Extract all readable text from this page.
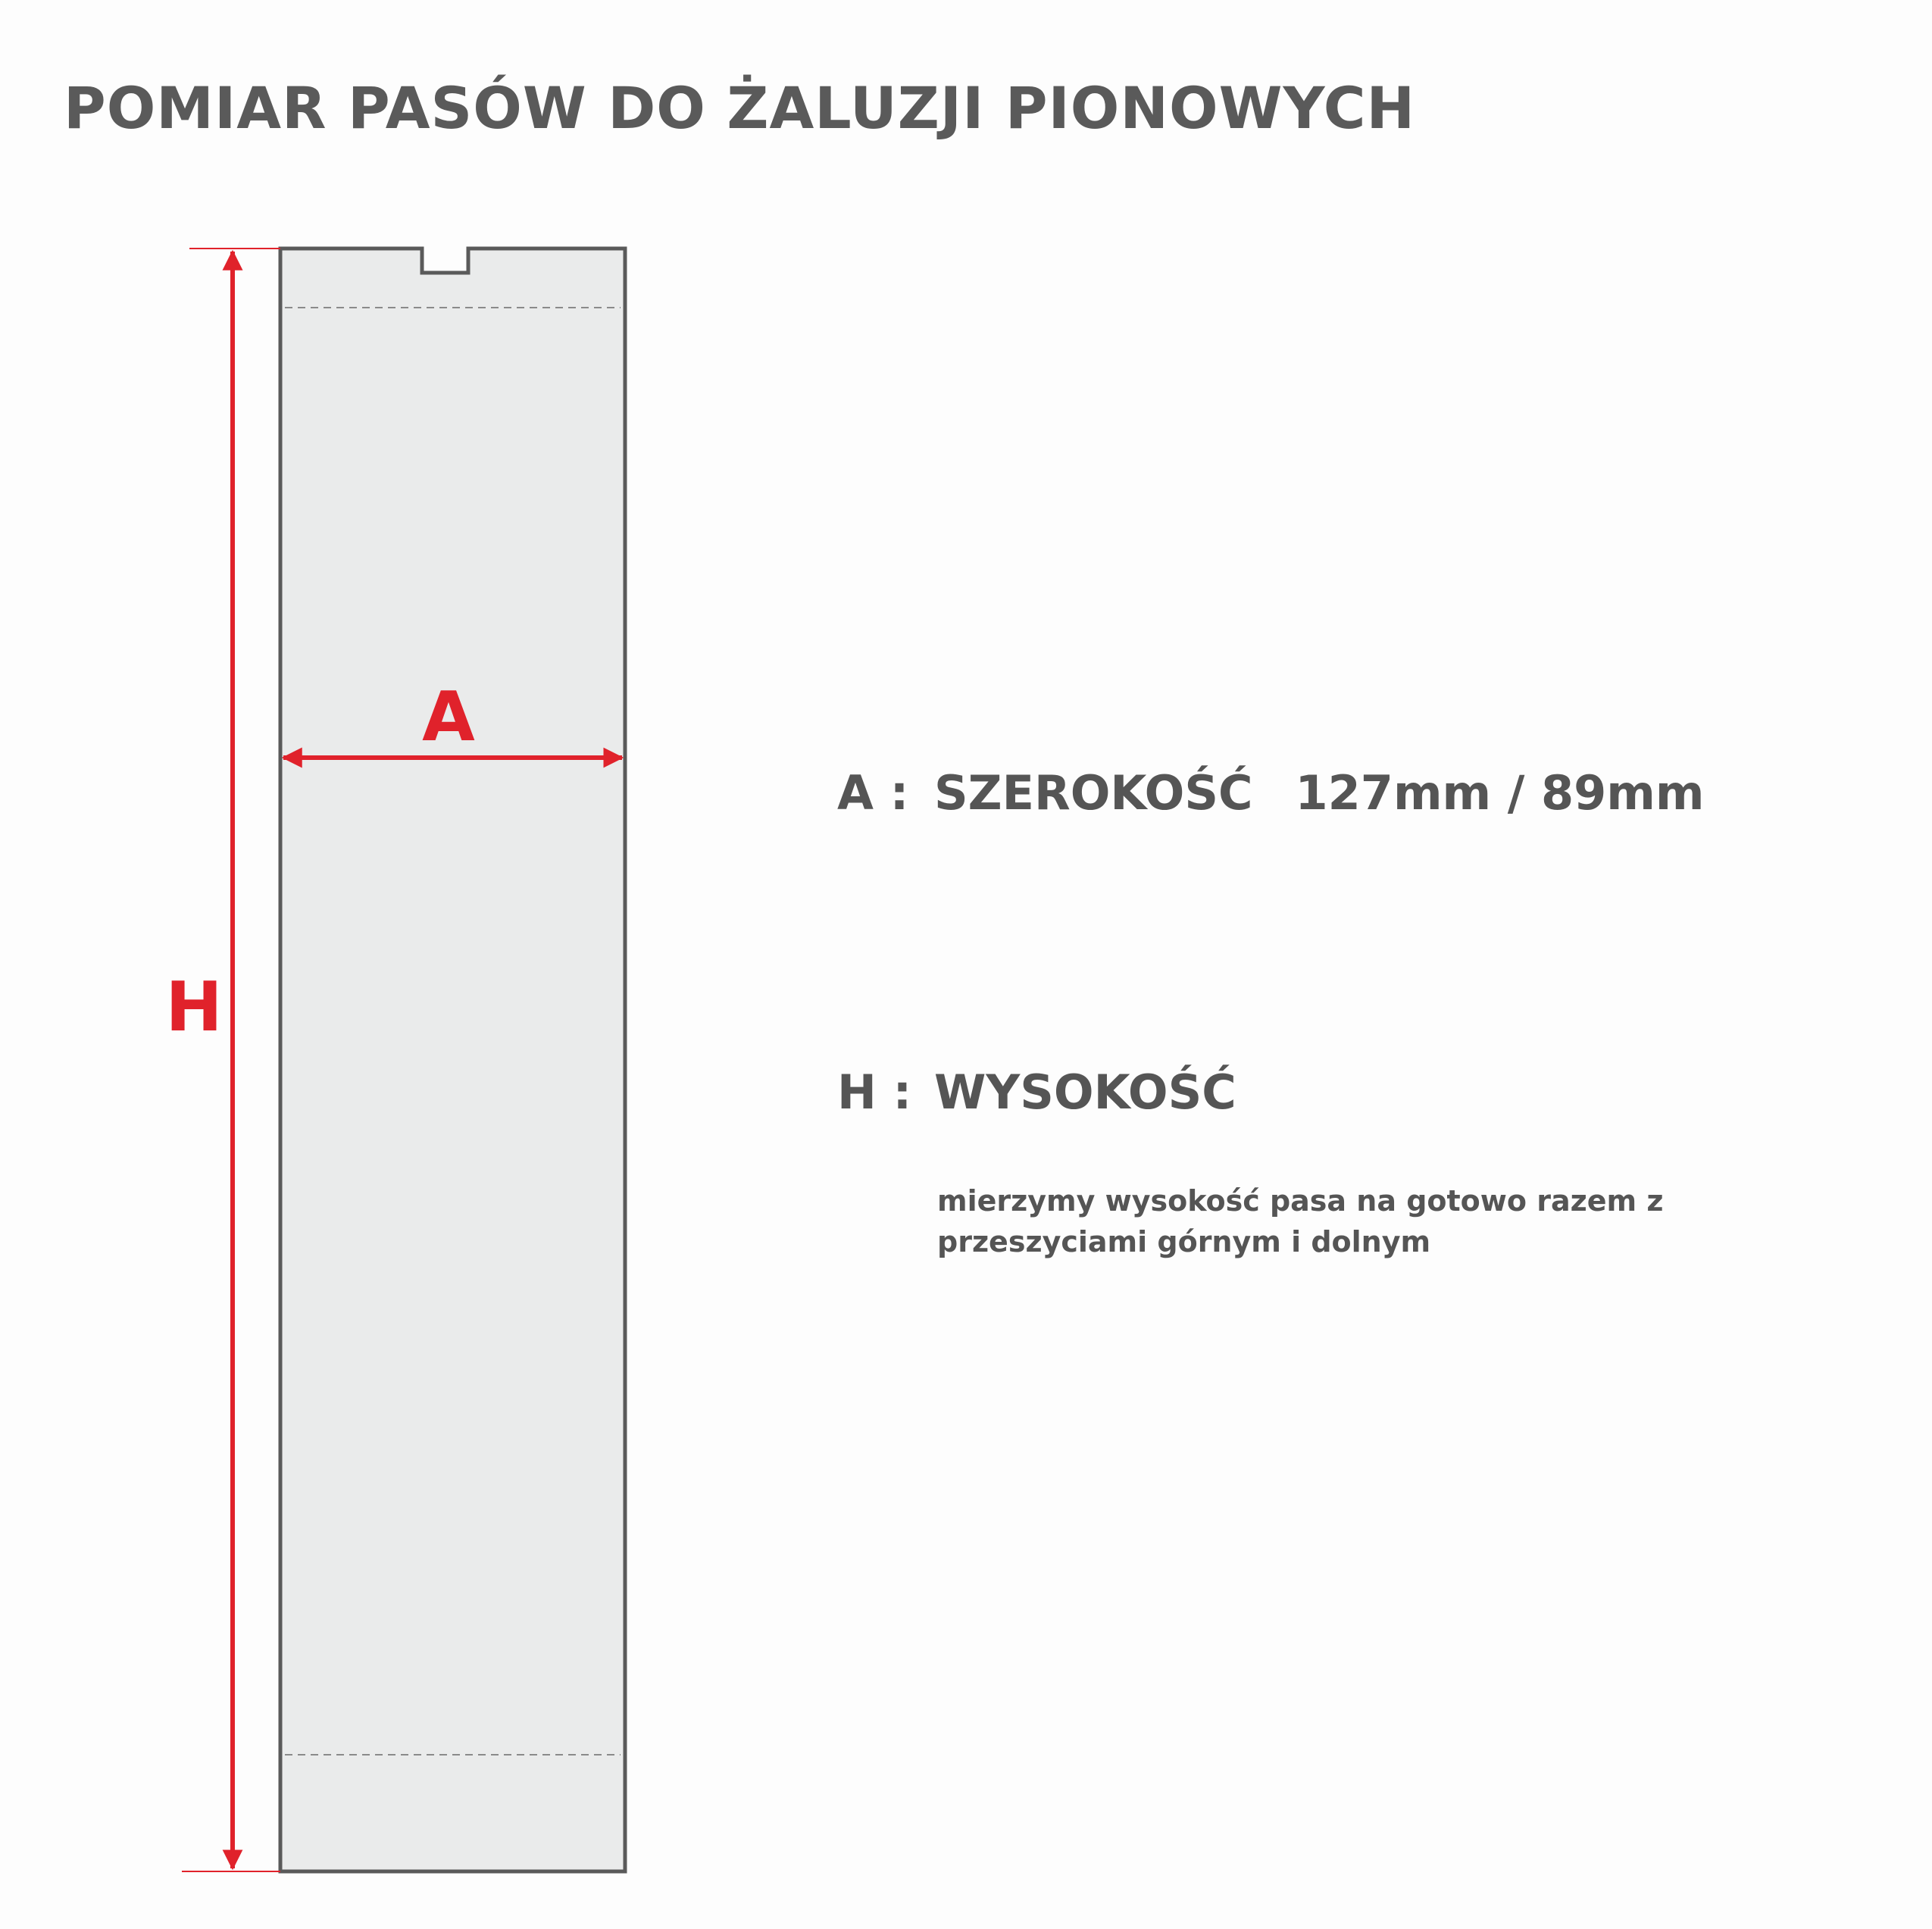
POMIAR PASÓW DO ŻALUZJI PIONOWYCH
A
H
A : SZEROKOŚĆ 127mm / 89mm
H : WYSOKOŚĆ

mierzymy wysokość pasa na gotowo razem z przeszyciami górnym i dolnym
